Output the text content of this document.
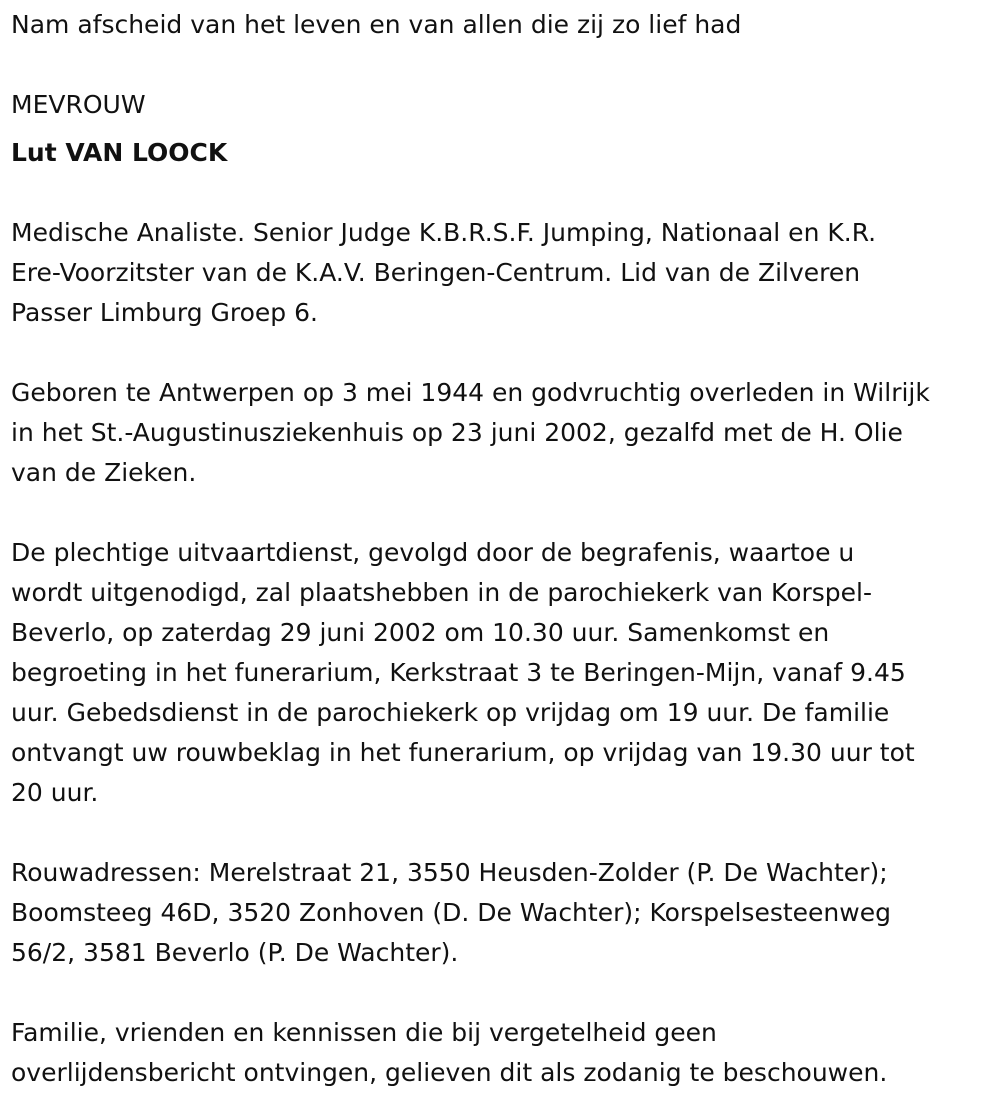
Nam afscheid van het leven en van allen die zij zo lief had

MEVROUW

Lut VAN LOOCK

Medische Analiste. Senior Judge K.B.R.S.F. Jumping, Nationaal en K.R.

Ere-Voorzitster van de K.A.V. Beringen-Centrum. Lid van de Zilveren

Passer Limburg Groep 6.

Geboren te Antwerpen op 3 mei 1944 en godvruchtig overleden in Wilrijk

in het St.-Augustinusziekenhuis op 23 juni 2002, gezalfd met de H. Olie

van de Zieken.

De plechtige uitvaartdienst, gevolgd door de begrafenis, waartoe u

wordt uitgenodigd, zal plaatshebben in de parochiekerk van Korspel-

Beverlo, op zaterdag 29 juni 2002 om 10.30 uur. Samenkomst en

begroeting in het funerarium, Kerkstraat 3 te Beringen-Mijn, vanaf 9.45

uur. Gebedsdienst in de parochiekerk op vrijdag om 19 uur. De familie

ontvangt uw rouwbeklag in het funerarium, op vrijdag van 19.30 uur tot

20 uur.

Rouwadressen: Merelstraat 21, 3550 Heusden-Zolder (P. De Wachter);

Boomsteeg 46D, 3520 Zonhoven (D. De Wachter); Korspelsesteenweg

56/2, 3581 Beverlo (P. De Wachter).

Familie, vrienden en kennissen die bij vergetelheid geen

overlijdensbericht ontvingen, gelieven dit als zodanig te beschouwen.
